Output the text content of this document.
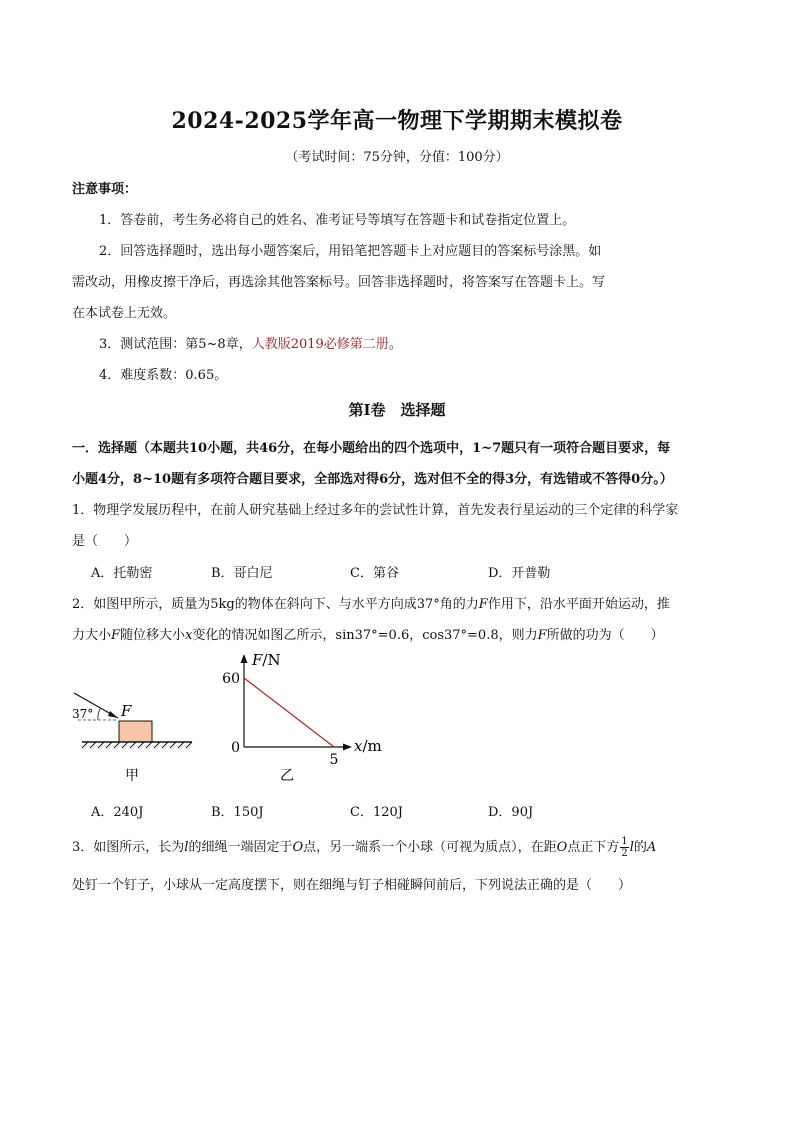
2024-2025学年高一物理下学期期末模拟卷
（考试时间：75分钟，分值：100分）
注意事项：
1．答卷前，考生务必将自己的姓名、准考证号等填写在答题卡和试卷指定位置上。
2．回答选择题时，选出每小题答案后，用铅笔把答题卡上对应题目的答案标号涂黑。如
需改动，用橡皮擦干净后，再选涂其他答案标号。回答非选择题时，将答案写在答题卡上。写
在本试卷上无效。
3．测试范围：第5~8章，人教版2019必修第二册。
4．难度系数：0.65。
第Ⅰ卷　选择题
一．选择题（本题共10小题，共46分，在每小题给出的四个选项中，1~7题只有一项符合题目要求，每
小题4分，8~10题有多项符合题目要求，全部选对得6分，选对但不全的得3分，有选错或不答得0分。）
1．物理学发展历程中，在前人研究基础上经过多年的尝试性计算，首先发表行星运动的三个定律的科学家
是（　　）
A．托勒密	B．哥白尼	C．第谷	D．开普勒
2．如图甲所示，质量为5kg的物体在斜向下、与水平方向成37°角的力F作用下，沿水平面开始运动，推
力大小F随位移大小x变化的情况如图乙所示，sin37°=0.6，cos37°=0.8，则力F所做的功为（　　）
37° F
甲
F/N
x/m
60
0
5
乙
A．240J	B．150J	C．120J	D．90J
3．如图所示，长为l的细绳一端固定于O点，另一端系一个小球（可视为质点），在距O点正下方 $\frac{1}{2}$ l的A
处钉一个钉子，小球从一定高度摆下，则在细绳与钉子相碰瞬间前后，下列说法正确的是（　　）
